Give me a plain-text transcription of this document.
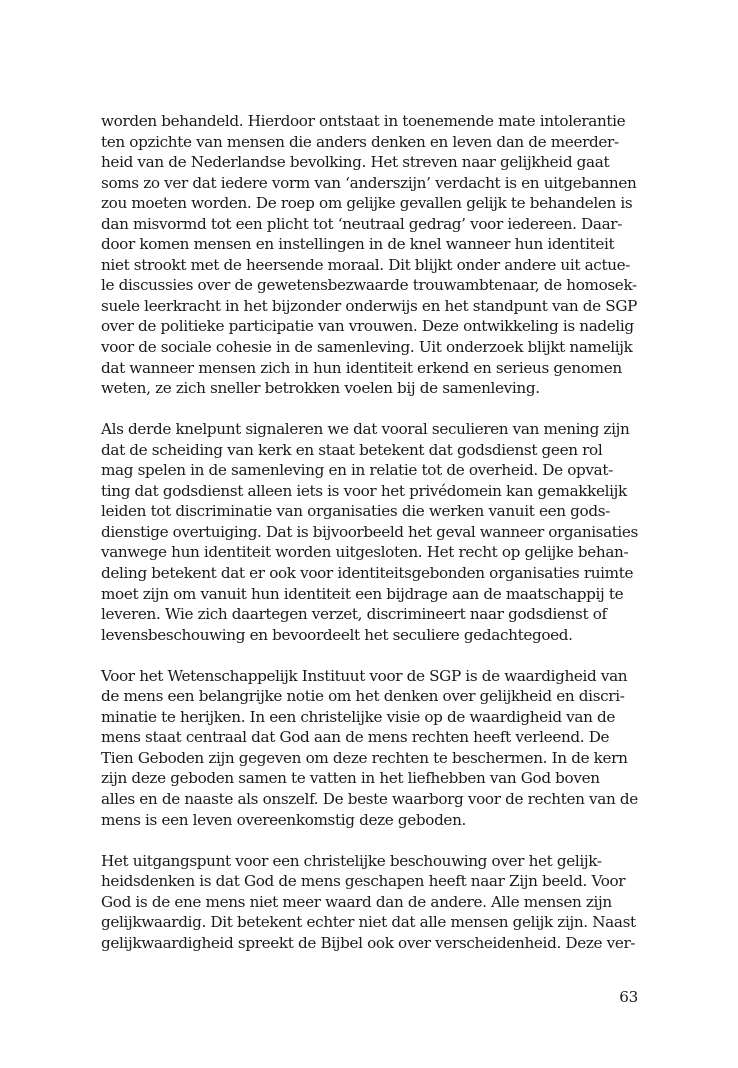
worden behandeld. Hierdoor ontstaat in toenemende mate intolerantie
ten opzichte van mensen die anders denken en leven dan de meerder-
heid van de Nederlandse bevolking. Het streven naar gelijkheid gaat
soms zo ver dat iedere vorm van ‘anderszijn’ verdacht is en uitgebannen
zou moeten worden. De roep om gelijke gevallen gelijk te behandelen is
dan misvormd tot een plicht tot ‘neutraal gedrag’ voor iedereen. Daar-
door komen mensen en instellingen in de knel wanneer hun identiteit
niet strookt met de heersende moraal. Dit blijkt onder andere uit actue-
le discussies over de gewetensbezwaarde trouwambtenaar, de homosek-
suele leerkracht in het bijzonder onderwijs en het standpunt van de SGP
over de politieke participatie van vrouwen. Deze ontwikkeling is nadelig
voor de sociale cohesie in de samenleving. Uit onderzoek blijkt namelijk
dat wanneer mensen zich in hun identiteit erkend en serieus genomen
weten, ze zich sneller betrokken voelen bij de samenleving.
Als derde knelpunt signaleren we dat vooral seculieren van mening zijn
dat de scheiding van kerk en staat betekent dat godsdienst geen rol
mag spelen in de samenleving en in relatie tot de overheid. De opvat-
ting dat godsdienst alleen iets is voor het privédomein kan gemakkelijk
leiden tot discriminatie van organisaties die werken vanuit een gods-
dienstige overtuiging. Dat is bijvoorbeeld het geval wanneer organisaties
vanwege hun identiteit worden uitgesloten. Het recht op gelijke behan-
deling betekent dat er ook voor identiteitsgebonden organisaties ruimte
moet zijn om vanuit hun identiteit een bijdrage aan de maatschappij te
leveren. Wie zich daartegen verzet, discrimineert naar godsdienst of
levensbeschouwing en bevoordeelt het seculiere gedachtegoed.
Voor het Wetenschappelijk Instituut voor de SGP is de waardigheid van
de mens een belangrijke notie om het denken over gelijkheid en discri-
minatie te herijken. In een christelijke visie op de waardigheid van de
mens staat centraal dat God aan de mens rechten heeft verleend. De
Tien Geboden zijn gegeven om deze rechten te beschermen. In de kern
zijn deze geboden samen te vatten in het liefhebben van God boven
alles en de naaste als onszelf. De beste waarborg voor de rechten van de
mens is een leven overeenkomstig deze geboden.
Het uitgangspunt voor een christelijke beschouwing over het gelijk-
heidsdenken is dat God de mens geschapen heeft naar Zijn beeld. Voor
God is de ene mens niet meer waard dan de andere. Alle mensen zijn
gelijkwaardig. Dit betekent echter niet dat alle mensen gelijk zijn. Naast
gelijkwaardigheid spreekt de Bijbel ook over verscheidenheid. Deze ver-
63
